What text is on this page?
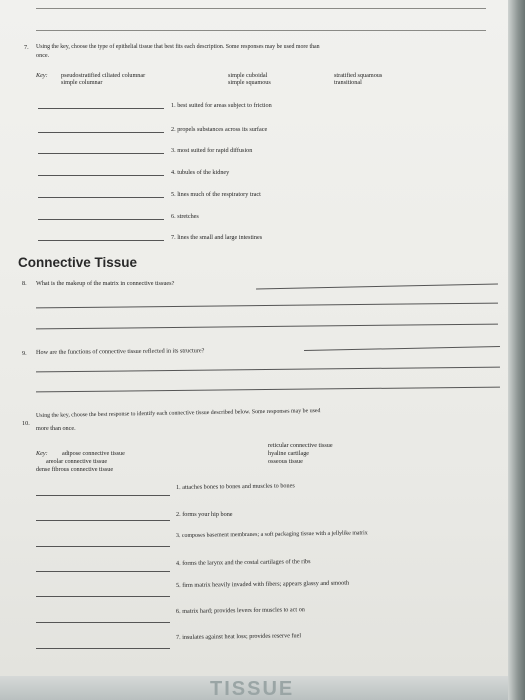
7. Using the key, choose the type of epithelial tissue that best fits each description. Some responses may be used more than
once.
Key: pseudostratified ciliated columnar
simple columnar
simple cuboidal
simple squamous
stratified squamous
transitional
1. best suited for areas subject to friction
2. propels substances across its surface
3. most suited for rapid diffusion
4. tubules of the kidney
5. lines much of the respiratory tract
6. stretches
7. lines the small and large intestines
Connective Tissue
8. What is the makeup of the matrix in connective tissues?
9. How are the functions of connective tissue reflected in its structure?
10.
Using the key, choose the best response to identify each connective tissue described below. Some responses may be used
more than once.
Key: adipose connective tissue
areolar connective tissue
dense fibrous connective tissue
reticular connective tissue
hyaline cartilage
osseous tissue
1. attaches bones to bones and muscles to bones
2. forms your hip bone
3. composes basement membranes; a soft packaging tissue with a jellylike matrix
4. forms the larynx and the costal cartilages of the ribs
5. firm matrix heavily invaded with fibers; appears glassy and smooth
6. matrix hard; provides levers for muscles to act on
7. insulates against heat loss; provides reserve fuel
TISSUE
